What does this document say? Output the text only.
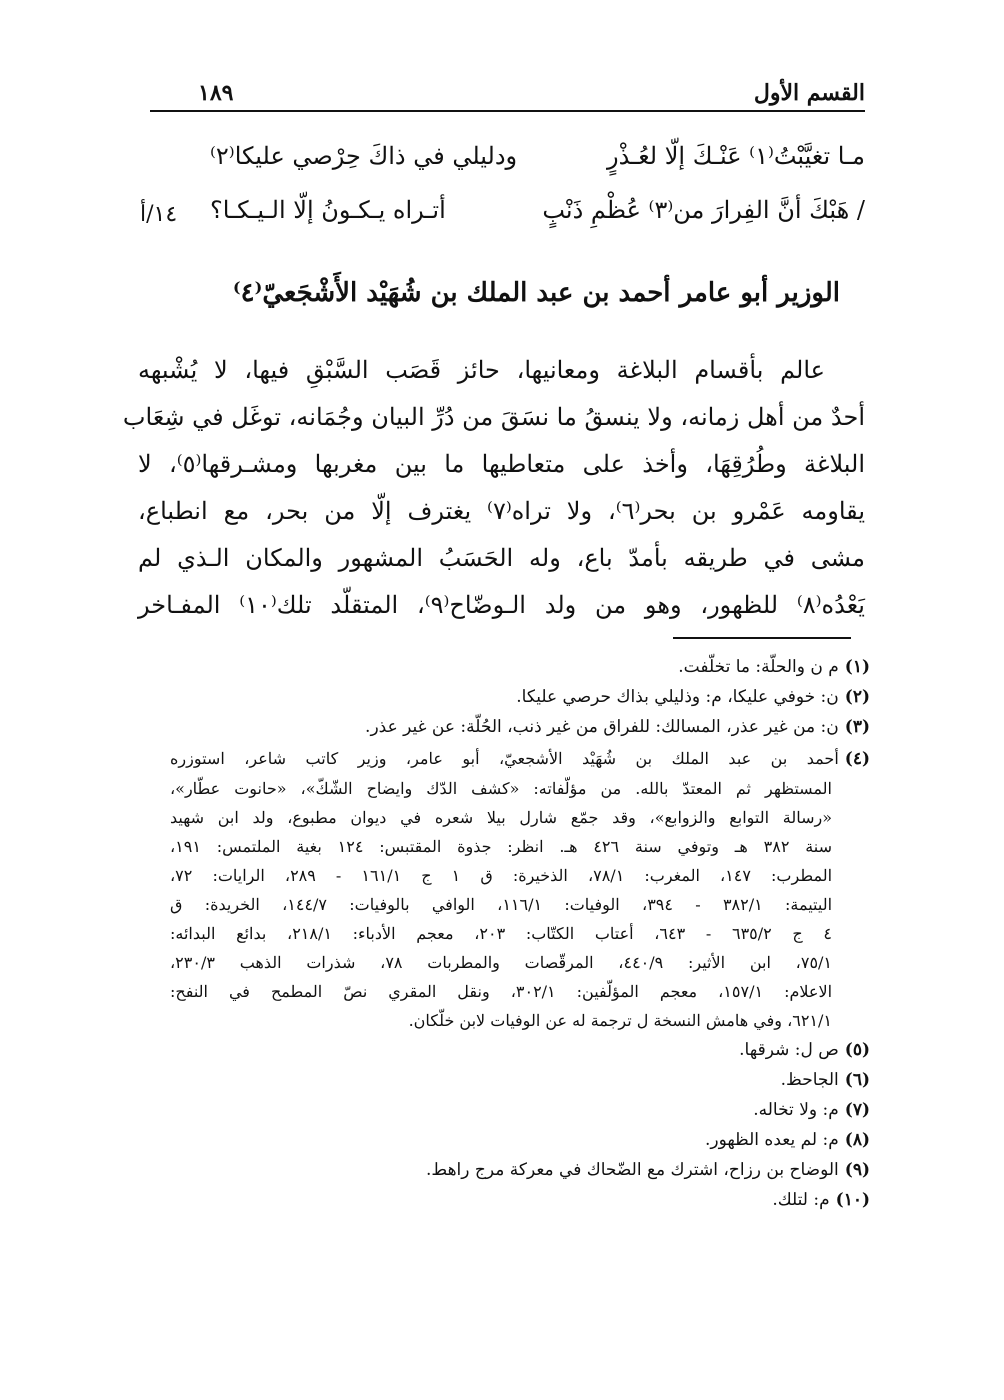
القسم الأول
١٨٩
مـا تغيَّبْتُ⁽١⁾ عَنْـكَ إلّا لعُـذْرٍ
ودليلي في ذاكَ حِرْصي عليكا⁽٢⁾
/ هَبْكَ أنَّ الفِرارَ من⁽٣⁾ عُظْمِ ذَنْبٍ
أتـراه يـكـونُ إلّا الـيـكـا؟
١٤/أ
الوزير أبو عامر أحمد بن عبد الملك بن شُهَيْد الأَشْجَعيّ⁽٤⁾
عالم بأقسام البلاغة ومعانيها، حائز قَصَب السَّبْقِ فيها، لا يُشْبهه
أحدٌ من أهل زمانه، ولا ينسقُ ما نسَقَ من دُرِّ البيان وجُمَانه، توغَل في شِعَاب
البلاغة وطُرُقِهَا، وأخذ على متعاطيها ما بين مغربها ومشـرقها⁽٥⁾، لا
يقاومه عَمْرو بن بحر⁽٦⁾، ولا تراه⁽٧⁾ يغترف إلّا من بحر، مع انطباع،
مشى في طريقه بأمدّ باع، وله الحَسَبُ المشهور والمكان الـذي لم
يَعْدُه⁽٨⁾ للظهور، وهو من ولد الـوضّاح⁽٩⁾، المتقلّد تلك⁽١٠⁾ المفـاخر
(١)م ن والحلّة: ما تخلّفت.
(٢)ن: خوفي عليكا، م: وذليلي بذاك حرصي عليكا.
(٣)ن: من غير عذر، المسالك: للفراق من غير ذنب، الحُلّة: عن غير عذر.
(٤)أحمد بن عبد الملك بن شُهَيْد الأشجعيّ، أبو عامر، وزير كاتب شاعر، استوزره
المستظهر ثم المعتدّ بالله. من مؤلّفاته: «كشف الدّك وايضاح الشّكّ»، «حانوت عطّار»،
«رسالة التوابع والزوابع»، وقد جمّع شارل بيلا شعره في ديوان مطبوع، ولد ابن شهيد
سنة ٣٨٢ هـ وتوفي سنة ٤٢٦ هـ. انظر: جذوة المقتبس: ١٢٤ بغية الملتمس: ١٩١،
المطرب: ١٤٧، المغرب: ٧٨/١، الذخيرة: ق ١ ج ١٦١/١ - ٢٨٩، الرايات: ٧٢،
اليتيمة: ٣٨٢/١ - ٣٩٤، الوفيات: ١١٦/١، الوافي بالوفيات: ١٤٤/٧، الخريدة: ق
٤ ج ٦٣٥/٢ - ٦٤٣، أعتاب الكتّاب: ٢٠٣، معجم الأدباء: ٢١٨/١، بدائع البدائه:
٧٥/١، ابن الأثير: ٤٤٠/٩، المرقّصات والمطربات ٧٨، شذرات الذهب ٢٣٠/٣،
الاعلام: ١٥٧/١، معجم المؤلّفين: ٣٠٢/١، ونقل المقري نصّ المطمح في النفح:
٦٢١/١، وفي هامش النسخة ل ترجمة له عن الوفيات لابن خلّكان.
(٥)ص ل: شرقها.
(٦)الجاحظ.
(٧)م: ولا تخاله.
(٨)م: لم يعده الظهور.
(٩)الوضاح بن رزاح، اشترك مع الضّحاك في معركة مرج راهط.
(١٠)م: لتلك.
